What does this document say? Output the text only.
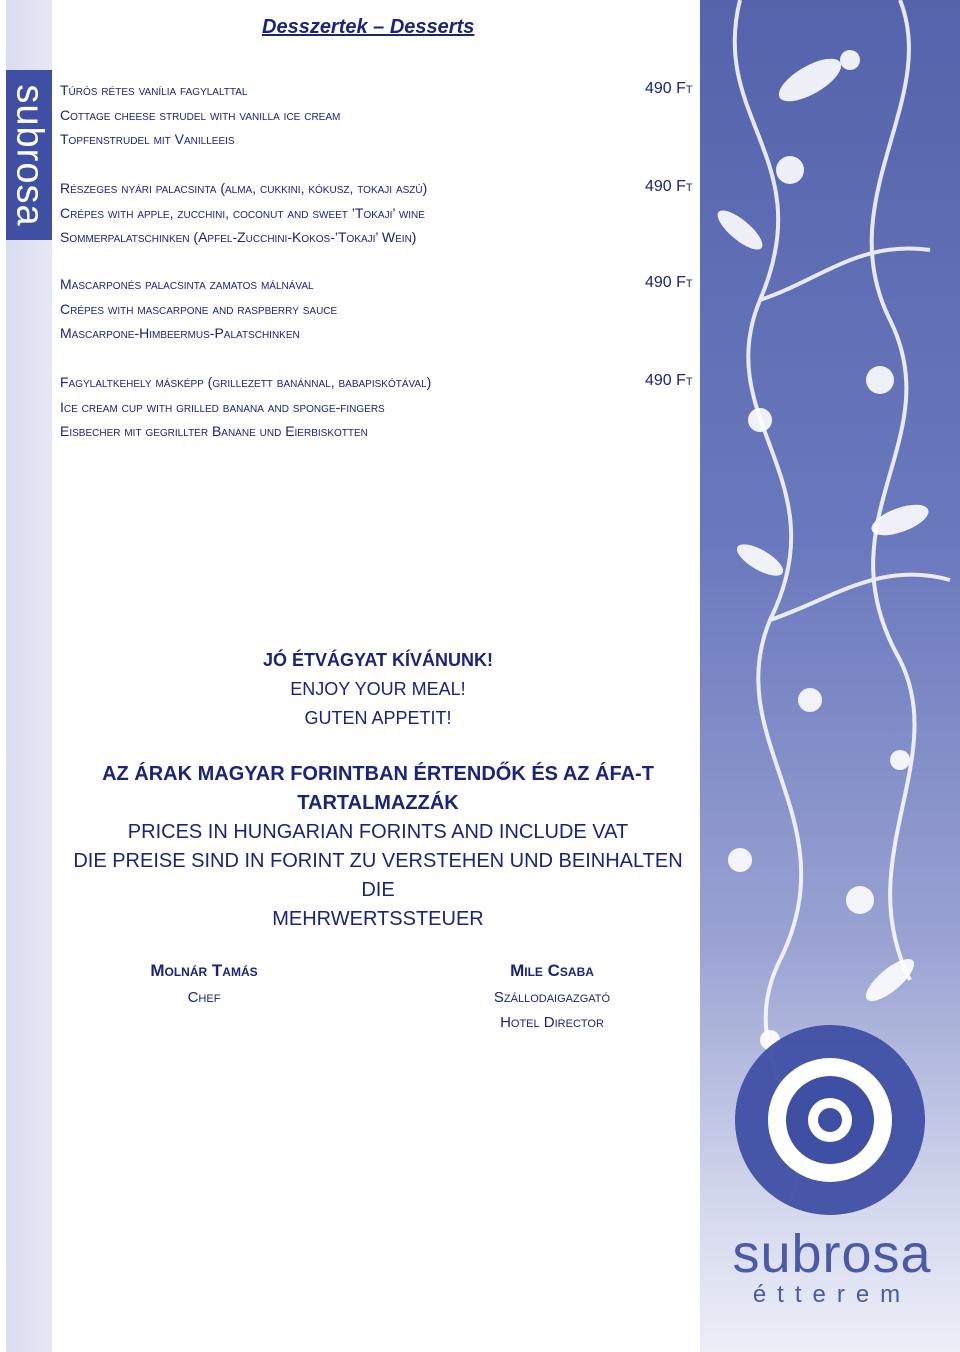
subrosa
Desszertek – Desserts
Túrós rétes vanília fagylalttal
Cottage cheese strudel with vanilla ice cream
Topfenstrudel mit Vanilleeis
490 Ft
Részeges nyári palacsinta (alma, cukkini, kókusz, tokaji aszú)
Crépes with apple, zucchini, coconut and sweet ’Tokaji’ wine
Sommerpalatschinken (Apfel-Zucchini-Kokos-’Tokaji’ Wein)
490 Ft
Mascarponés palacsinta zamatos málnával
Crépes with mascarpone and raspberry sauce
Mascarpone-Himbeermus-Palatschinken
490 Ft
Fagylaltkehely másképp (grillezett banánnal, babapiskótával)
Ice cream cup with grilled banana and sponge-fingers
Eisbecher mit gegrillter Banane und Eierbiskotten
490 Ft
JÓ ÉTVÁGYAT KÍVÁNUNK!
ENJOY YOUR MEAL!
GUTEN APPETIT!
AZ ÁRAK MAGYAR FORINTBAN ÉRTENDŐK ÉS AZ ÁFA-T
TARTALMAZZÁK
PRICES IN HUNGARIAN FORINTS AND INCLUDE VAT
DIE PREISE SIND IN FORINT ZU VERSTEHEN UND BEINHALTEN DIE
MEHRWERTSSTEUER
Molnár Tamás
Chef
Mile Csaba
Szállodaigazgató
Hotel Director
subrosa
étterem
